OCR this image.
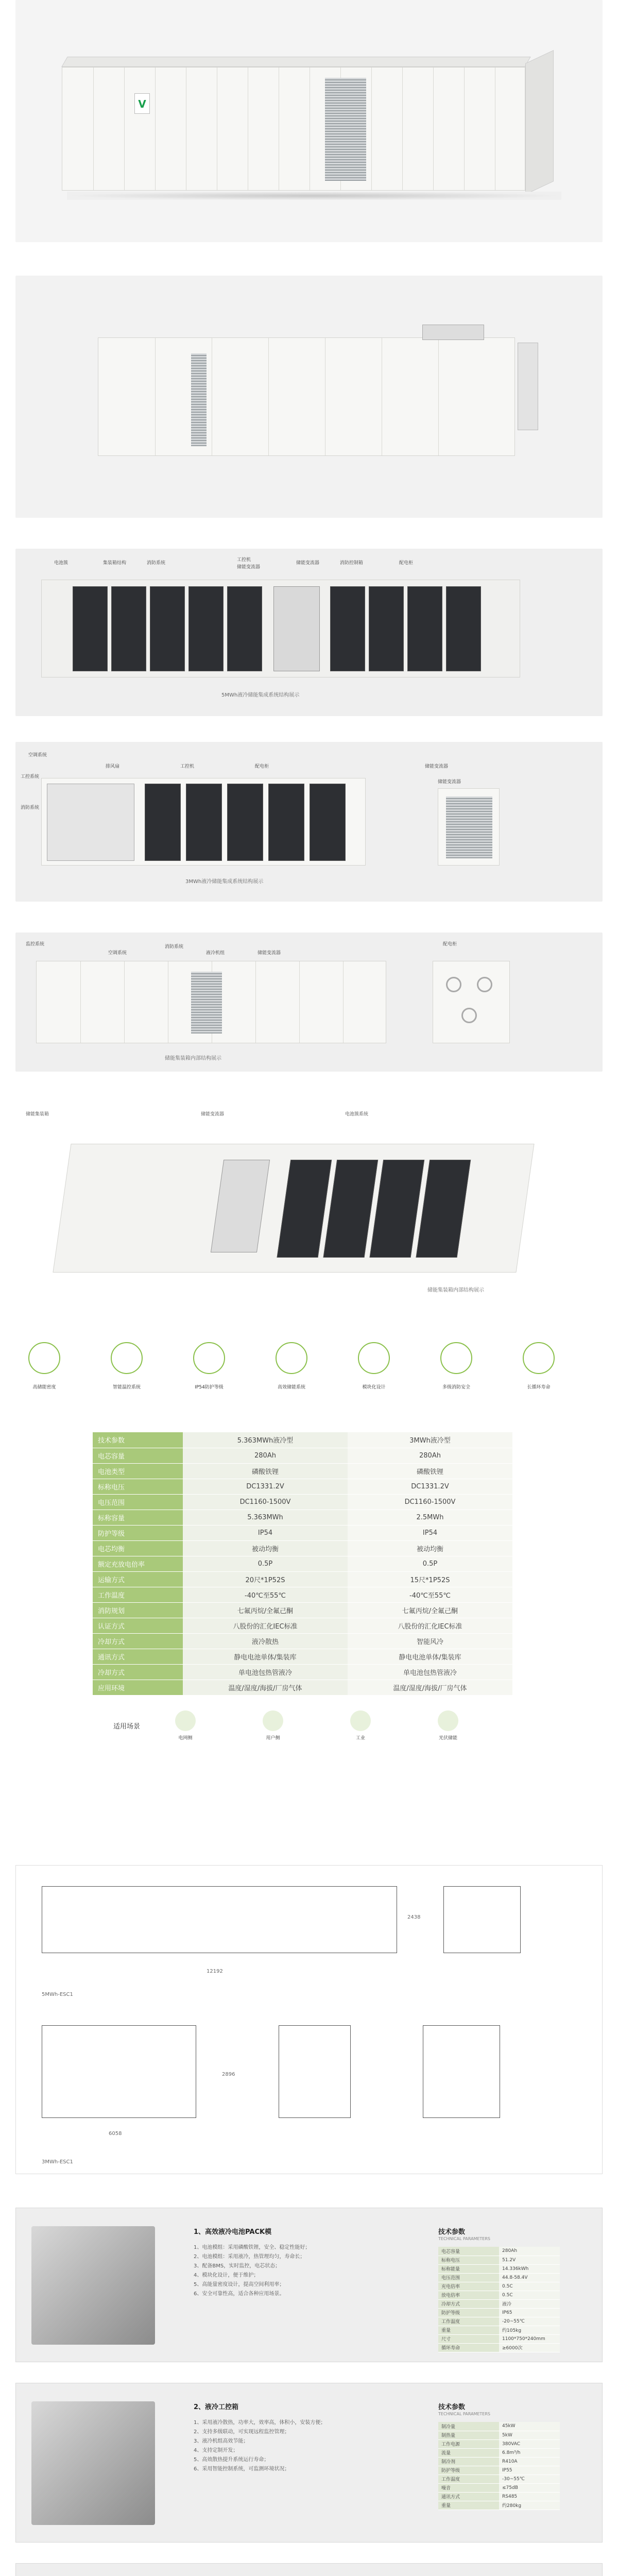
V
电池簇	集装箱结构	消防系统
工控机
储能变流器
储能变流器	消防控制箱	配电柜
5MWh液冷储能集成系统结构展示
空调系统
排风扇	工控机	配电柜
消防系统
储能变流器
工控系统
储能变流器
3MWh液冷储能集成系统结构展示
监控系统
空调系统
消防系统
液冷机组	储能变流器
配电柜
储能集装箱内部结构展示
储能集装箱	储能变流器	电池簇系统
储能集装箱内部结构展示
高储能密度	智能温控系统	IP54防护等级	高效储能系统	模块化设计	多级消防安全	长循环寿命
技术参数	5.363MWh液冷型	3MWh液冷型
电芯容量	280Ah	280Ah
电池类型	磷酸铁锂	磷酸铁锂
标称电压	DC1331.2V	DC1331.2V
电压范围	DC1160-1500V	DC1160-1500V
标称容量	5.363MWh	2.5MWh
防护等级	IP54	IP54
电芯均衡	被动均衡	被动均衡
额定充放电倍率	0.5P	0.5P
运输方式	20尺*1P52S	15尺*1P52S
工作温度	-40℃至55℃	-40℃至55℃
消防规划	七氟丙烷/全氟己酮	七氟丙烷/全氟己酮
认证方式	八股份的汇化IEC标准	八股份的汇化IEC标准
冷却方式	液冷散热	智能风冷
通讯方式	静电电池单体/集装库	静电电池单体/集装库
冷却方式	单电池包热管液冷	单电池包热管液冷
应用环境	温度/湿度/海拔/厂房气体	温度/湿度/海拔/厂房气体
适用场景
电网侧	用户侧	工业	光伏储能
12192
2438
5MWh-ESC1
6058
2896
3MWh-ESC1
1、高效液冷电池PACK模
1、电池模组：采用磷酸铁锂，安全、稳定性能好；
2、电池模组：采用液冷，热管理均匀，寿命长；
3、配备BMS，实时监控，电芯状态；
4、模块化设计，便于维护；
5、高能量密度设计，提高空间利用率；
6、安全可靠性高，适合各种应用场景。
技术参数
TECHNICAL PARAMETERS
电芯容量	280Ah
标称电压	51.2V
标称能量	14.336kWh
电压范围	44.8-58.4V
充电倍率	0.5C
放电倍率	0.5C
冷却方式	液冷
防护等级	IP65
工作温度	-20~55℃
重量	约105kg
尺寸	1100*750*240mm
循环寿命	≥6000次
2、液冷工控箱
1、采用液冷散热，功率大，效率高，体积小，安装方便；
2、支持多级联动，可实现远程监控管理；
3、液冷机组高效节能；
4、支持定制开发；
5、高效散热提升系统运行寿命；
6、采用智能控制系统，可监测环境状况；
技术参数
TECHNICAL PARAMETERS
制冷量	45kW
制热量	5kW
工作电源	380VAC
流量	6.8m³/h
制冷剂	R410A
防护等级	IP55
工作温度	-30~55℃
噪音	≤75dB
通讯方式	RS485
重量	约280kg
